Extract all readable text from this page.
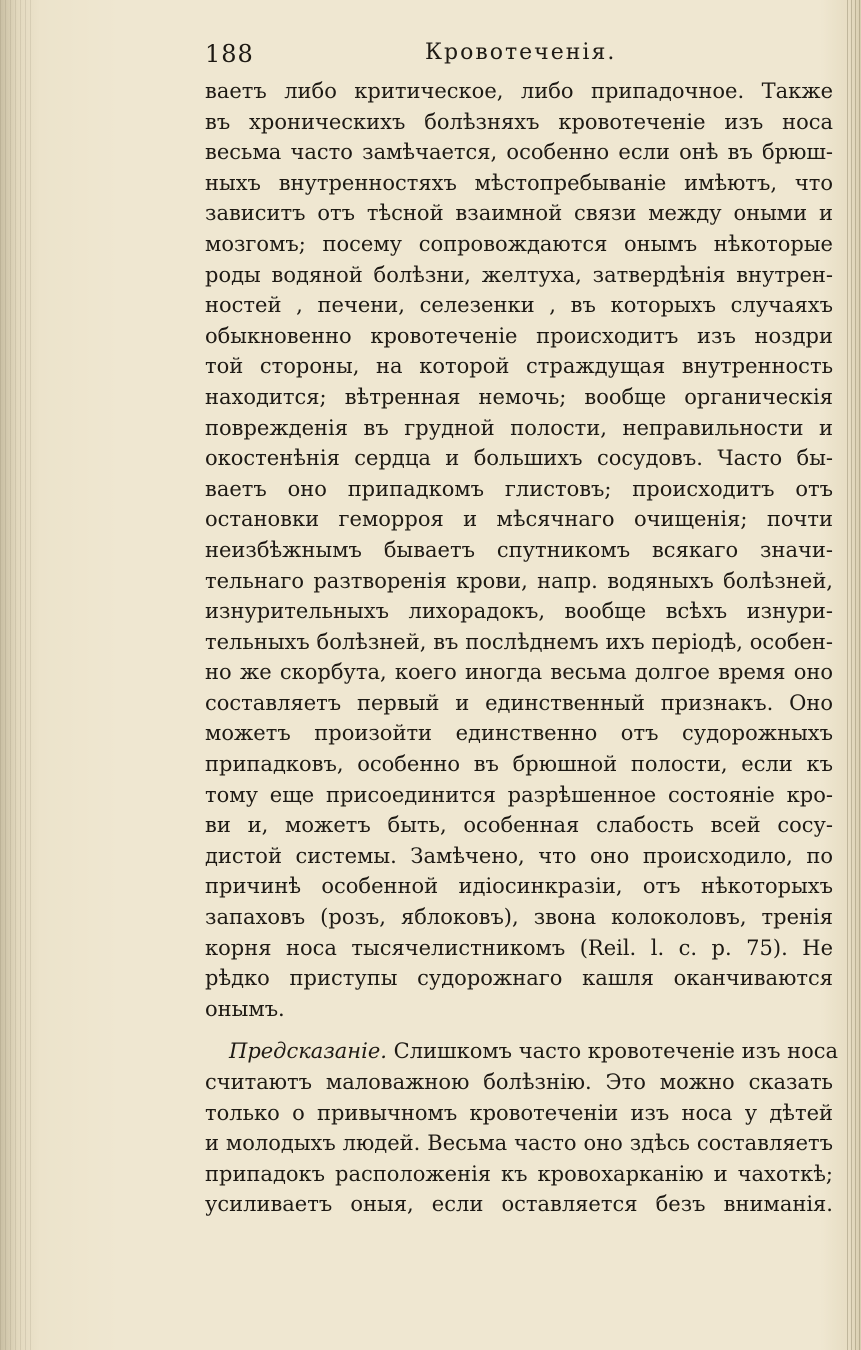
188	Кровотеченія.
ваетъ либо критическое, либо припадочное. Также
въ хроническихъ болѣзняхъ кровотеченіе изъ носа
весьма часто замѣчается, особенно если онѣ въ брюш-
ныхъ внутренностяхъ мѣстопребываніе имѣютъ, что
зависитъ отъ тѣсной взаимной связи между оными и
мозгомъ; посему сопровождаются онымъ нѣкоторые
роды водяной болѣзни, желтуха, затвердѣнія внутрен-
ностей , печени, селезенки , въ которыхъ случаяхъ
обыкновенно кровотеченіе происходитъ изъ ноздри
той стороны, на которой страждущая внутренность
находится; вѣтренная немочь; вообще органическія
поврежденія въ грудной полости, неправильности и
окостенѣнія сердца и большихъ сосудовъ. Часто бы-
ваетъ оно припадкомъ глистовъ; происходитъ отъ
остановки геморроя и мѣсячнаго очищенія; почти
неизбѣжнымъ бываетъ спутникомъ всякаго значи-
тельнаго разтворенія крови, напр. водяныхъ болѣзней,
изнурительныхъ лихорадокъ, вообще всѣхъ изнури-
тельныхъ болѣзней, въ послѣднемъ ихъ періодѣ, особен-
но же скорбута, коего иногда весьма долгое время оно
составляетъ первый и единственный признакъ. Оно
можетъ произойти единственно отъ судорожныхъ
припадковъ, особенно въ брюшной полости, если къ
тому еще присоединится разрѣшенное состояніе кро-
ви и, можетъ быть, особенная слабость всей сосу-
дистой системы. Замѣчено, что оно происходило, по
причинѣ особенной идіосинкразіи, отъ нѣкоторыхъ
запаховъ (розъ, яблоковъ), звона колоколовъ, тренія
корня носа тысячелистникомъ (Reil. l. c. p. 75). Не
рѣдко приступы судорожнаго кашля оканчиваются
онымъ.
Предсказаніе. Слишкомъ часто кровотеченіе изъ носа
считаютъ маловажною болѣзнію. Это можно сказать
только о привычномъ кровотеченіи изъ носа у дѣтей
и молодыхъ людей. Весьма часто оно здѣсь составляетъ
припадокъ расположенія къ кровохарканію и чахоткѣ;
усиливаетъ оныя, если оставляется безъ вниманія.
